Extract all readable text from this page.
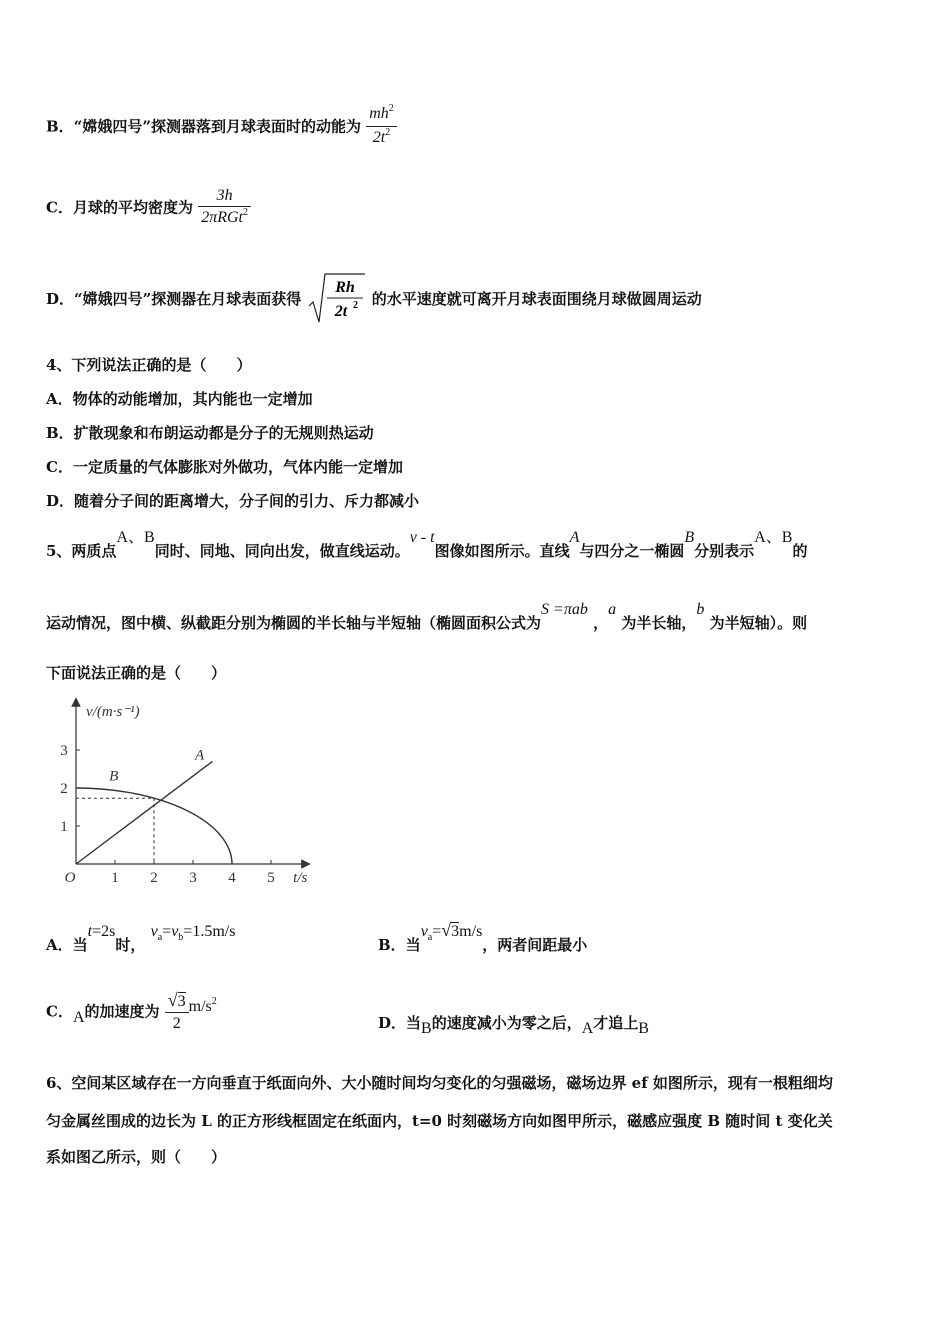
B．“嫦娥四号”探测器落到月球表面时的动能为 $\frac{mh^2}{2t^2}$
C．月球的平均密度为 $\frac{3h}{2\pi RGt^2}$
D．“嫦娥四号”探测器在月球表面获得
Rh
2t 2 的水平速度就可离开月球表面围绕月球做圆周运动
4、下列说法正确的是（　　）
A．物体的动能增加，其内能也一定增加
B．扩散现象和布朗运动都是分子的无规则热运动
C．一定质量的气体膨胀对外做功，气体内能一定增加
D．随着分子间的距离增大，分子间的引力、斥力都减小
5、两质点A、B同时、同地、同向出发，做直线运动。v - t图像如图所示。直线A与四分之一椭圆B分别表示A、B的
运动情况，图中横、纵截距分别为椭圆的半长轴与半短轴（椭圆面积公式为S =πab ，a 为半长轴，b 为半短轴）。则
下面说法正确的是（　　）
1 2 3 4 5
1
2
3	A
B
O	t/s
v/(m·s⁻¹)
A．当t=2s时， $v_a=v_b=1.5m/s$
B．当$v_a=√3m/s$，两者间距最小
C．A的加速度为 $\frac{√3}{2} m/s^2$
D．当B的速度减小为零之后，A才追上B
6、空间某区域存在一方向垂直于纸面向外、大小随时间均匀变化的匀强磁场，磁场边界 ef 如图所示，现有一根粗细均
匀金属丝围成的边长为 L 的正方形线框固定在纸面内，t=0 时刻磁场方向如图甲所示，磁感应强度 B 随时间 t 变化关
系如图乙所示，则（　　）
